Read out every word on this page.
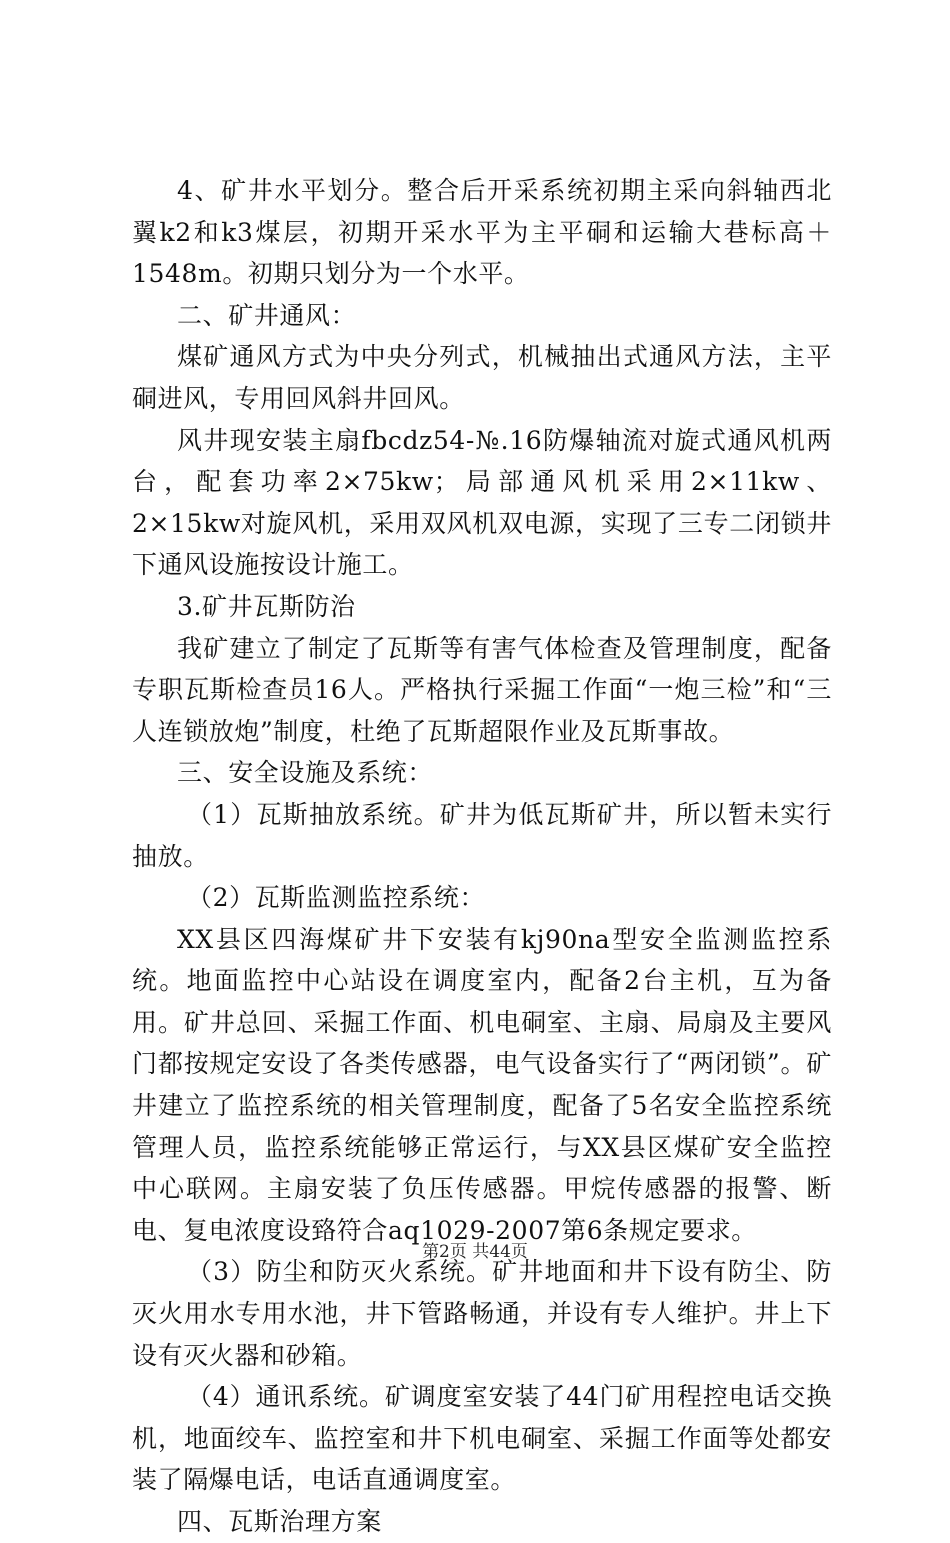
4、矿井水平划分。整合后开采系统初期主采向斜轴西北翼k2和k3煤层，初期开采水平为主平硐和运输大巷标高＋1548m。初期只划分为一个水平。

二、矿井通风：

煤矿通风方式为中央分列式，机械抽出式通风方法，主平硐进风，专用回风斜井回风。

风井现安装主扇fbcdz54-№.16防爆轴流对旋式通风机两台，配套功率2×75kw；局部通风机采用2×11kw、2×15kw对旋风机，采用双风机双电源，实现了三专二闭锁井下通风设施按设计施工。

3.矿井瓦斯防治

我矿建立了制定了瓦斯等有害气体检查及管理制度，配备专职瓦斯检查员16人。严格执行采掘工作面“一炮三检”和“三人连锁放炮”制度，杜绝了瓦斯超限作业及瓦斯事故。

三、安全设施及系统：

（1）瓦斯抽放系统。矿井为低瓦斯矿井，所以暂未实行抽放。

（2）瓦斯监测监控系统：

XX县区四海煤矿井下安装有kj90na型安全监测监控系统。地面监控中心站设在调度室内，配备2台主机，互为备用。矿井总回、采掘工作面、机电硐室、主扇、局扇及主要风门都按规定安设了各类传感器，电气设备实行了“两闭锁”。矿井建立了监控系统的相关管理制度，配备了5名安全监控系统管理人员，监控系统能够正常运行，与XX县区煤矿安全监控中心联网。主扇安装了负压传感器。甲烷传感器的报警、断电、复电浓度设臵符合aq1029-2007第6条规定要求。

（3）防尘和防灭火系统。矿井地面和井下设有防尘、防灭火用水专用水池，井下管路畅通，并设有专人维护。井上下设有灭火器和砂箱。

（4）通讯系统。矿调度室安装了44门矿用程控电话交换机，地面绞车、监控室和井下机电硐室、采掘工作面等处都安装了隔爆电话，电话直通调度室。

四、瓦斯治理方案

第2页 共44页
